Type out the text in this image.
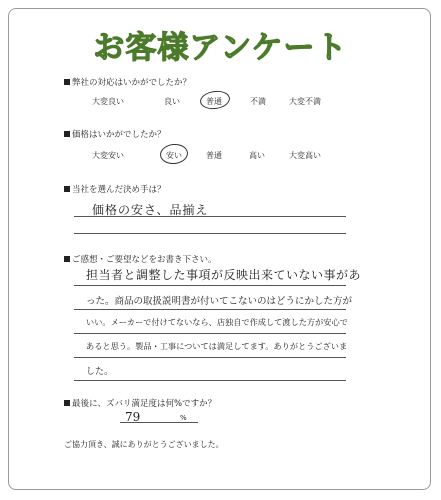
お客様アンケート
弊社の対応はいかがでしたか？
大変良い	良い	普通	不満	大変不満
価格はいかがでしたか？
大変安い	安い	普通	高い	大変高い
当社を選んだ決め手は？
価格の安さ、品揃え
ご感想・ご要望などをお書き下さい。
担当者と調整した事項が反映出来ていない事があ
った。商品の取扱説明書が付いてこないのはどうにかした方が
いい。メーカーで付けてないなら、店独自で作成して渡した方が安心で
あると思う。製品・工事については満足してます。ありがとうございま
した。
最後に、ズバリ満足度は何%ですか？
79	%
ご協力頂き、誠にありがとうございました。
